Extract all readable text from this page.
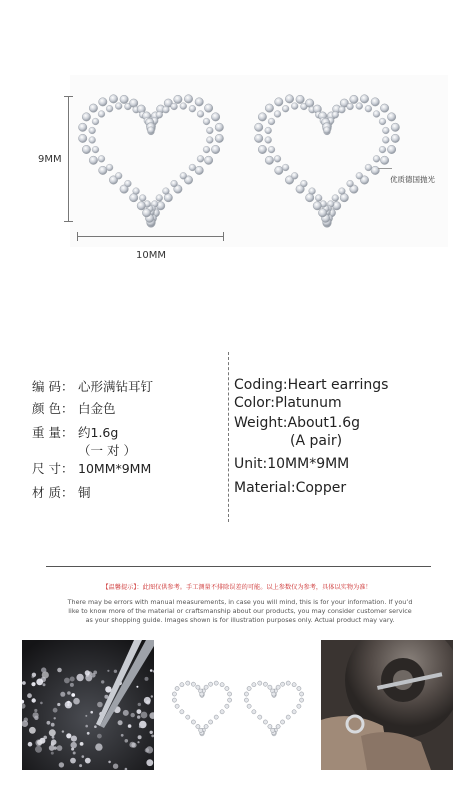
9MM
10MM
优质德国抛光
编 码： 心形满钻耳钉
颜 色： 白金色
重 量： 约1.6g
（一 对 ）
尺 寸： 10MM*9MM
材 质： 铜
Coding:Heart earrings
Color:Platunum
Weight:About1.6g
(A pair)
Unit:10MM*9MM
Material:Copper
【温馨提示】：此图仅供参考。手工测量不排除误差的可能。以上参数仅为参考，具体以实物为准！
There may be errors with manual measurements, in case you will mind, this is for your information. If you’d
like to know more of the material or craftsmanship about our products, you may consider customer service
as your shopping guide. Images shown is for illustration purposes only. Actual product may vary.
